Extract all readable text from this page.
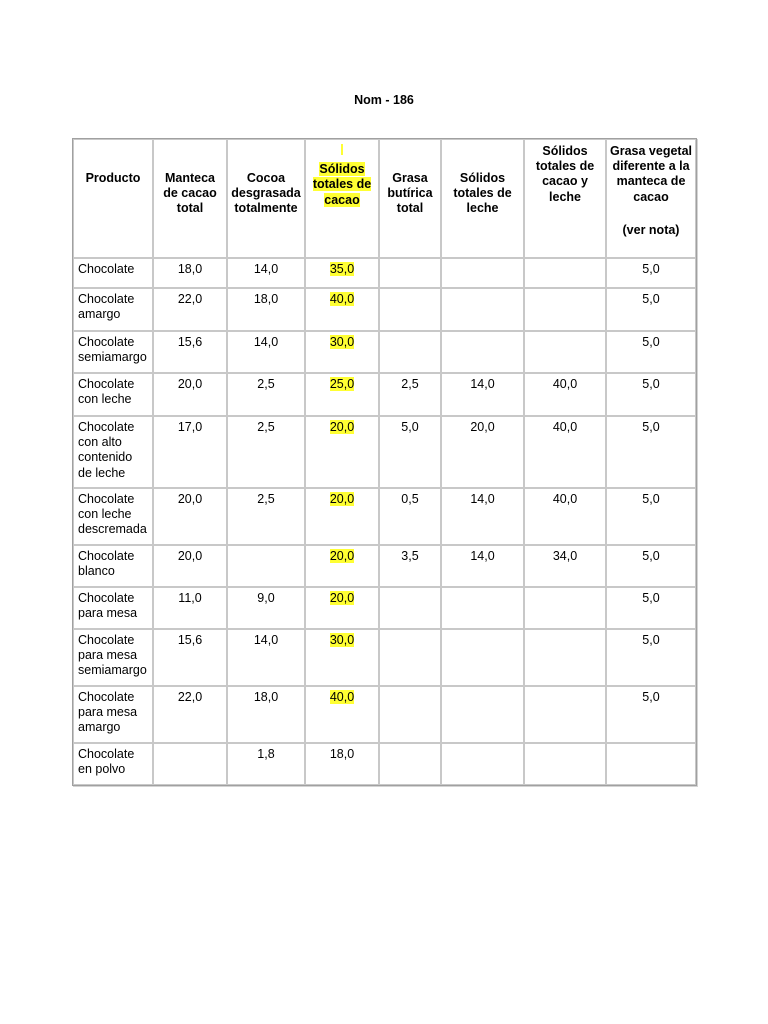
Nom - 186
Producto	Manteca de cacao total	Cocoa desgrasada totalmente	Sólidos totales de cacao	Grasa butírica total	Sólidos totales de leche	Sólidos totales de cacao y leche	Grasa vegetal diferente a la manteca de cacao
(ver nota)

Chocolate	18,0	14,0	35,0				5,0
Chocolate amargo	22,0	18,0	40,0				5,0
Chocolate semiamargo	15,6	14,0	30,0				5,0
Chocolate con leche	20,0	2,5	25,0	2,5	14,0	40,0	5,0
Chocolate con alto contenido de leche	17,0	2,5	20,0	5,0	20,0	40,0	5,0
Chocolate con leche descremada	20,0	2,5	20,0	0,5	14,0	40,0	5,0
Chocolate blanco	20,0		20,0	3,5	14,0	34,0	5,0
Chocolate para mesa	11,0	9,0	20,0				5,0
Chocolate para mesa semiamargo	15,6	14,0	30,0				5,0
Chocolate para mesa amargo	22,0	18,0	40,0				5,0
Chocolate en polvo		1,8	18,0				
